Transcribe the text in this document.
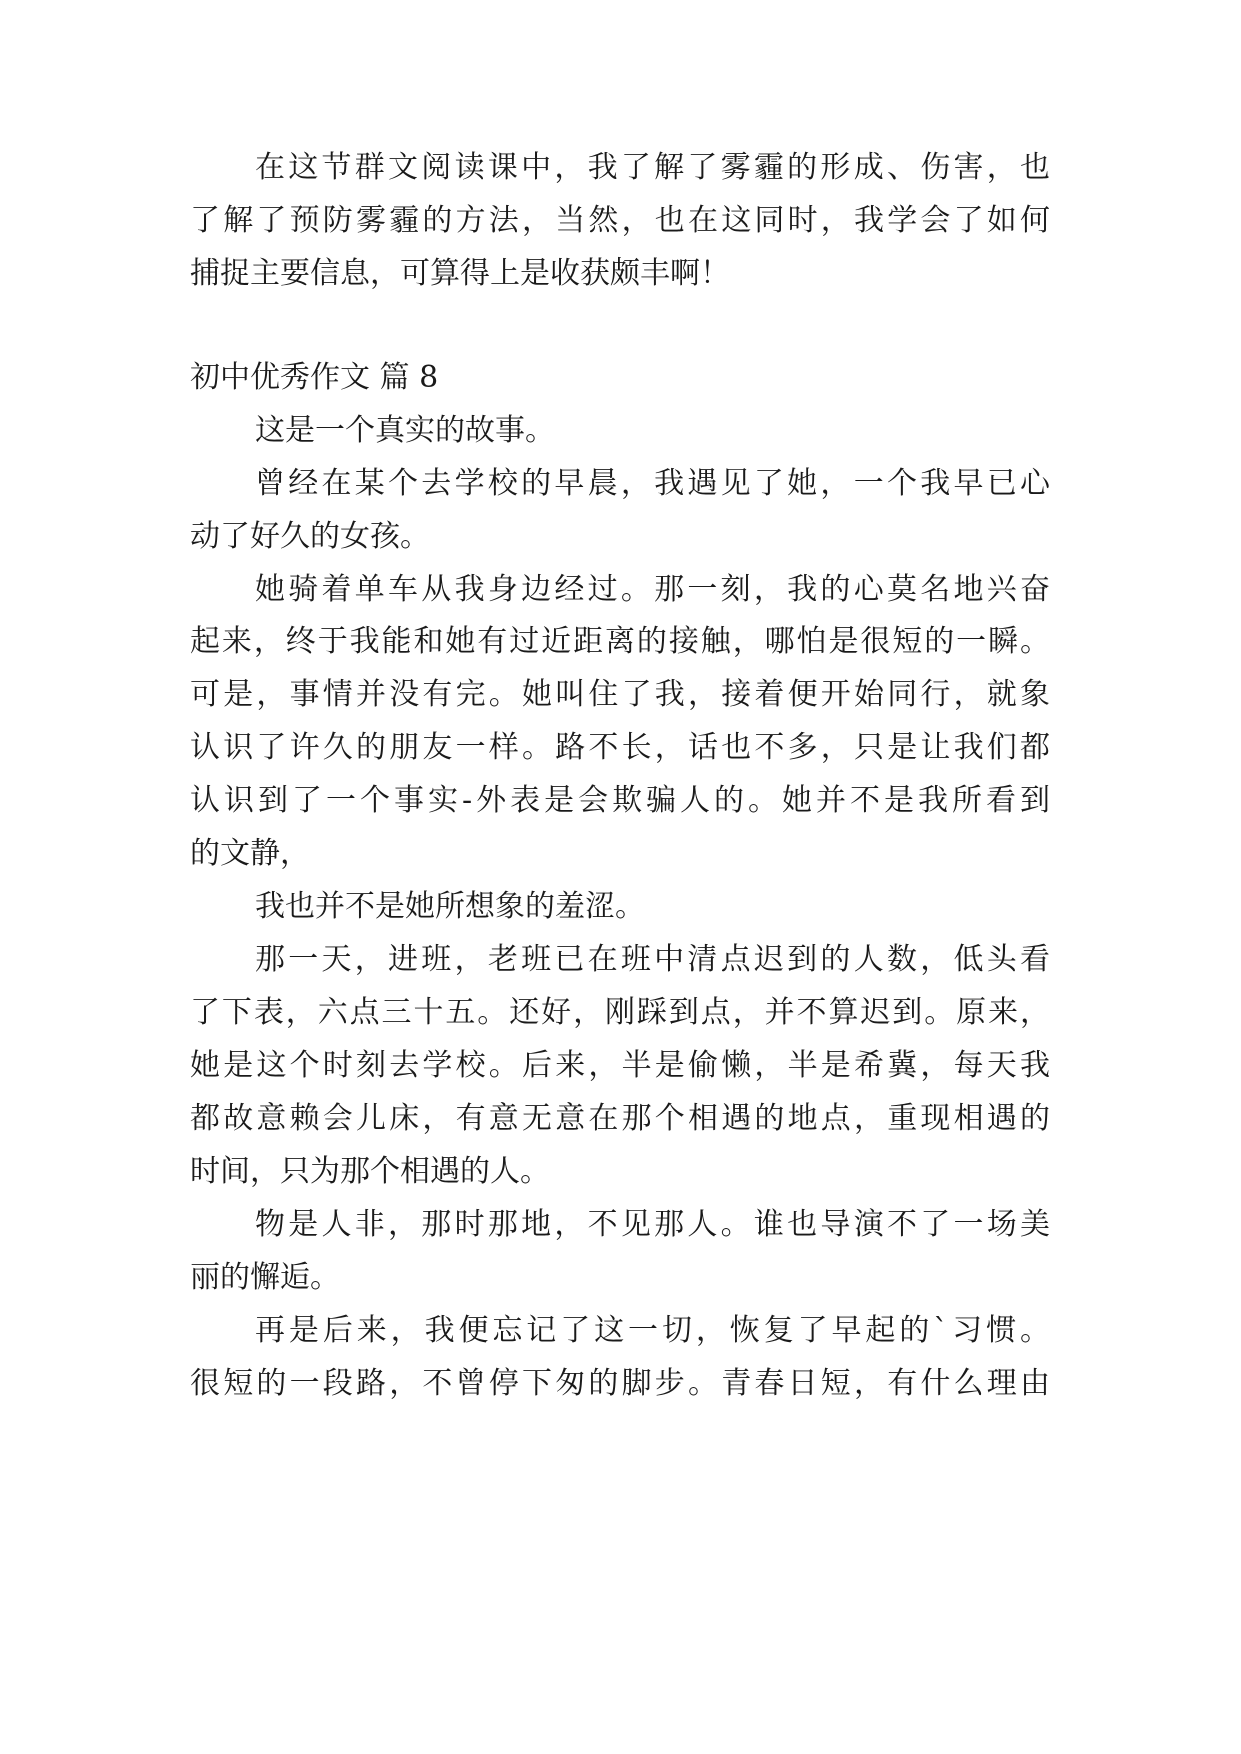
在这节群文阅读课中，我了解了雾霾的形成、伤害，也
了解了预防雾霾的方法，当然，也在这同时，我学会了如何
捕捉主要信息，可算得上是收获颇丰啊！
初中优秀作文 篇 8
这是一个真实的故事。
曾经在某个去学校的早晨，我遇见了她，一个我早已心
动了好久的女孩。
她骑着单车从我身边经过。那一刻，我的心莫名地兴奋
起来，终于我能和她有过近距离的接触，哪怕是很短的一瞬。
可是，事情并没有完。她叫住了我，接着便开始同行，就象
认识了许久的朋友一样。路不长，话也不多，只是让我们都
认识到了一个事实-外表是会欺骗人的。她并不是我所看到
的文静，
我也并不是她所想象的羞涩。
那一天，进班，老班已在班中清点迟到的人数，低头看
了下表，六点三十五。还好，刚踩到点，并不算迟到。原来，
她是这个时刻去学校。后来，半是偷懒，半是希冀，每天我
都故意赖会儿床，有意无意在那个相遇的地点，重现相遇的
时间，只为那个相遇的人。
物是人非，那时那地，不见那人。谁也导演不了一场美
丽的懈逅。
再是后来，我便忘记了这一切，恢复了早起的`习惯。
很短的一段路，不曾停下匆的脚步。青春日短，有什么理由
